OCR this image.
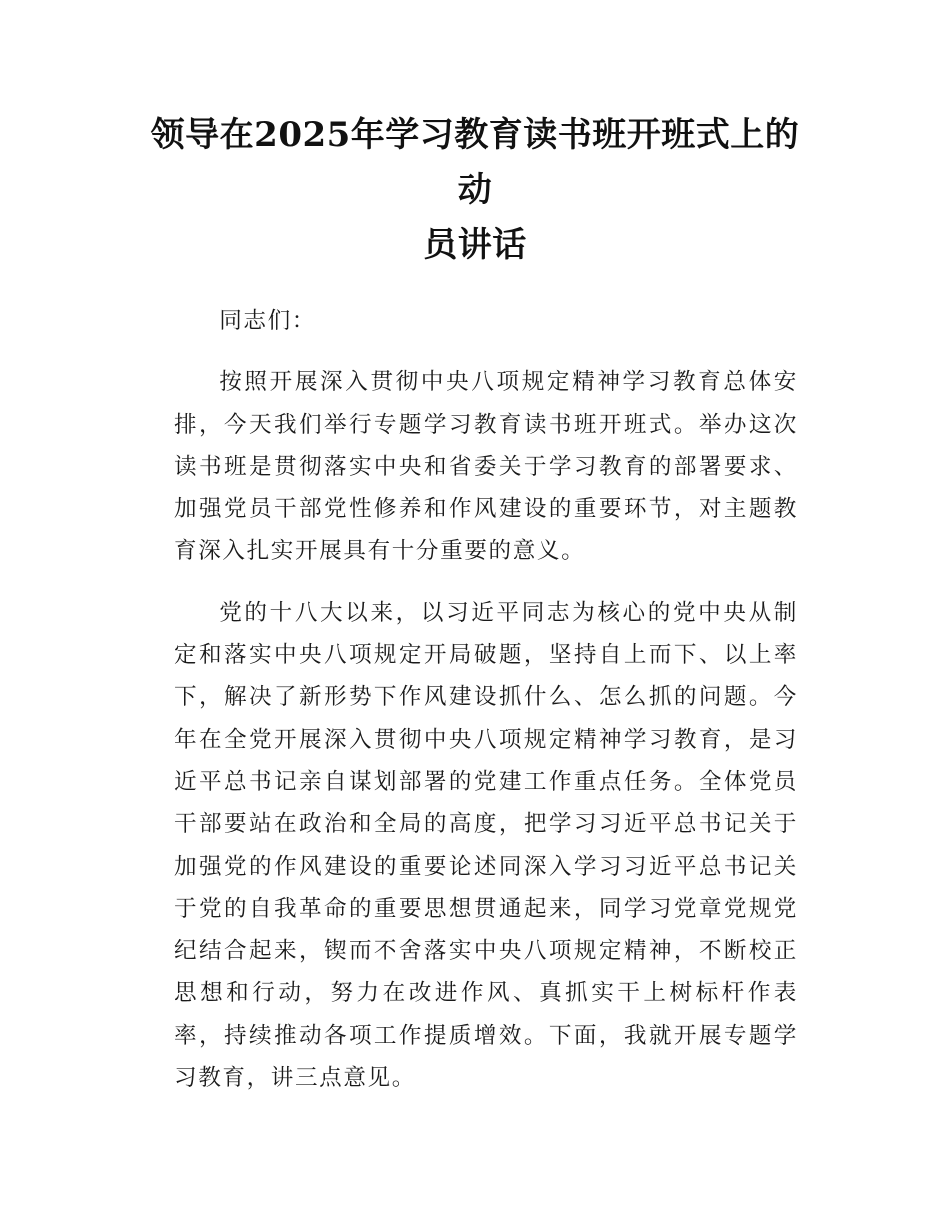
领导在2025年学习教育读书班开班式上的动
员讲话

同志们：

按照开展深入贯彻中央八项规定精神学习教育总体安排，今天我们举行专题学习教育读书班开班式。举办这次读书班是贯彻落实中央和省委关于学习教育的部署要求、加强党员干部党性修养和作风建设的重要环节，对主题教育深入扎实开展具有十分重要的意义。

党的十八大以来，以习近平同志为核心的党中央从制定和落实中央八项规定开局破题，坚持自上而下、以上率下，解决了新形势下作风建设抓什么、怎么抓的问题。今年在全党开展深入贯彻中央八项规定精神学习教育，是习近平总书记亲自谋划部署的党建工作重点任务。全体党员干部要站在政治和全局的高度，把学习习近平总书记关于加强党的作风建设的重要论述同深入学习习近平总书记关于党的自我革命的重要思想贯通起来，同学习党章党规党纪结合起来，锲而不舍落实中央八项规定精神，不断校正思想和行动，努力在改进作风、真抓实干上树标杆作表率，持续推动各项工作提质增效。下面，我就开展专题学习教育，讲三点意见。
